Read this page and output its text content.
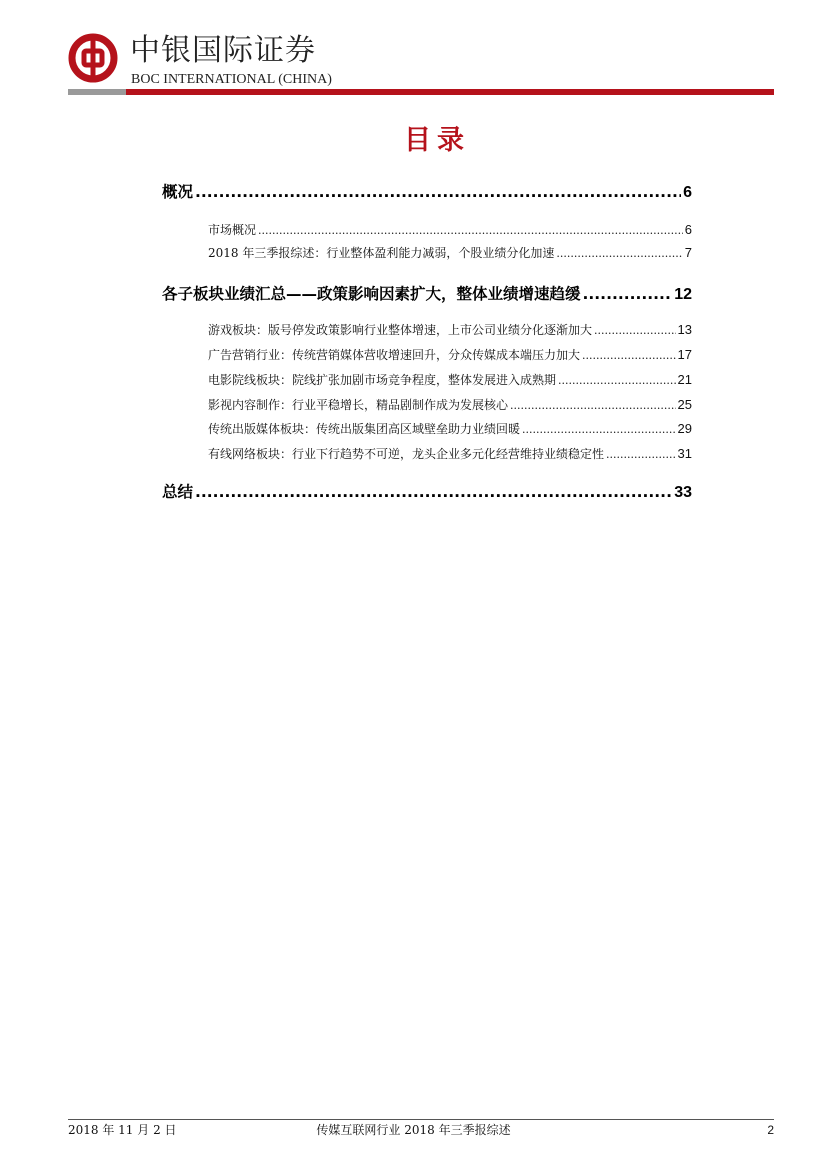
中银国际证券
BOC INTERNATIONAL (CHINA)
目录
概况 .....	6
市场概况 .....	6
2018 年三季报综述：行业整体盈利能力减弱，个股业绩分化加速 .....	7
各子板块业绩汇总——政策影响因素扩大，整体业绩增速趋缓 .....	12
游戏板块：版号停发政策影响行业整体增速，上市公司业绩分化逐渐加大 .....	13
广告营销行业：传统营销媒体营收增速回升，分众传媒成本端压力加大 .....	17
电影院线板块：院线扩张加剧市场竞争程度，整体发展进入成熟期 .....	21
影视内容制作：行业平稳增长，精品剧制作成为发展核心 .....	25
传统出版媒体板块：传统出版集团高区域壁垒助力业绩回暖 .....	29
有线网络板块：行业下行趋势不可逆，龙头企业多元化经营维持业绩稳定性 .....	31
总结 .....	33
2018 年 11 月 2 日	传媒互联网行业 2018 年三季报综述	2
